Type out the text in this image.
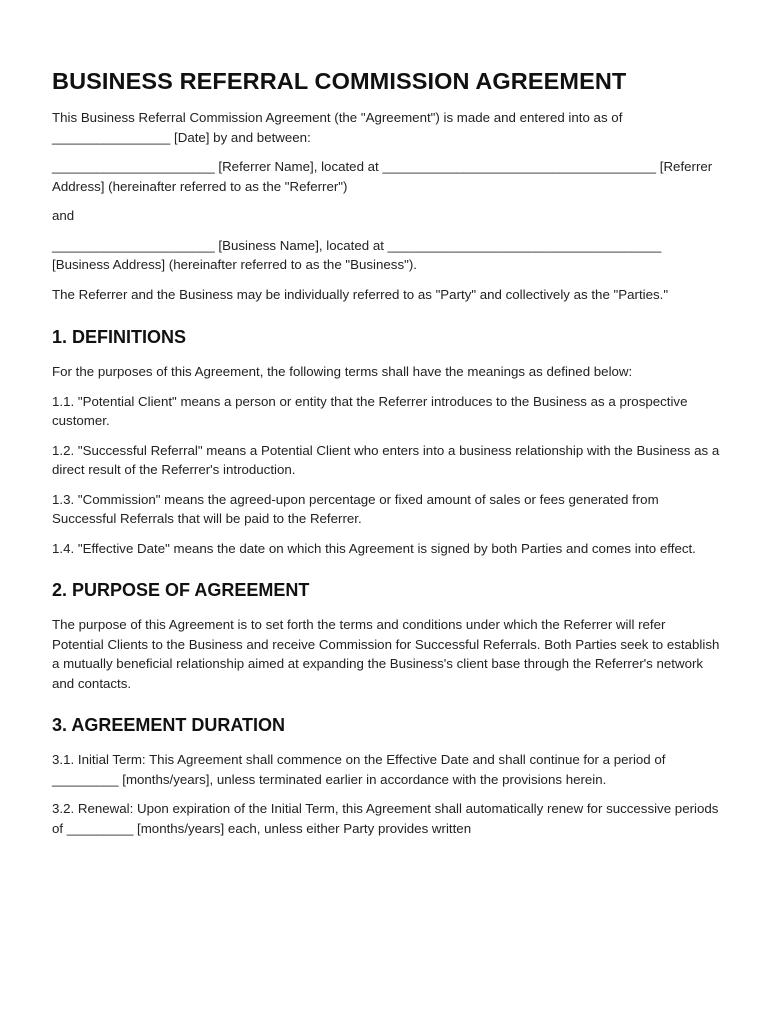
BUSINESS REFERRAL COMMISSION AGREEMENT

This Business Referral Commission Agreement (the "Agreement") is made and entered into as of ________________ [Date] by and between:

______________________ [Referrer Name], located at _____________________________________ [Referrer Address] (hereinafter referred to as the "Referrer")

and

______________________ [Business Name], located at _____________________________________ [Business Address] (hereinafter referred to as the "Business").

The Referrer and the Business may be individually referred to as "Party" and collectively as the "Parties."

1. DEFINITIONS

For the purposes of this Agreement, the following terms shall have the meanings as defined below:

1.1. "Potential Client" means a person or entity that the Referrer introduces to the Business as a prospective customer.

1.2. "Successful Referral" means a Potential Client who enters into a business relationship with the Business as a direct result of the Referrer's introduction.

1.3. "Commission" means the agreed-upon percentage or fixed amount of sales or fees generated from Successful Referrals that will be paid to the Referrer.

1.4. "Effective Date" means the date on which this Agreement is signed by both Parties and comes into effect.

2. PURPOSE OF AGREEMENT

The purpose of this Agreement is to set forth the terms and conditions under which the Referrer will refer Potential Clients to the Business and receive Commission for Successful Referrals. Both Parties seek to establish a mutually beneficial relationship aimed at expanding the Business's client base through the Referrer's network and contacts.

3. AGREEMENT DURATION

3.1. Initial Term: This Agreement shall commence on the Effective Date and shall continue for a period of _________ [months/years], unless terminated earlier in accordance with the provisions herein.

3.2. Renewal: Upon expiration of the Initial Term, this Agreement shall automatically renew for successive periods of _________ [months/years] each, unless either Party provides written
